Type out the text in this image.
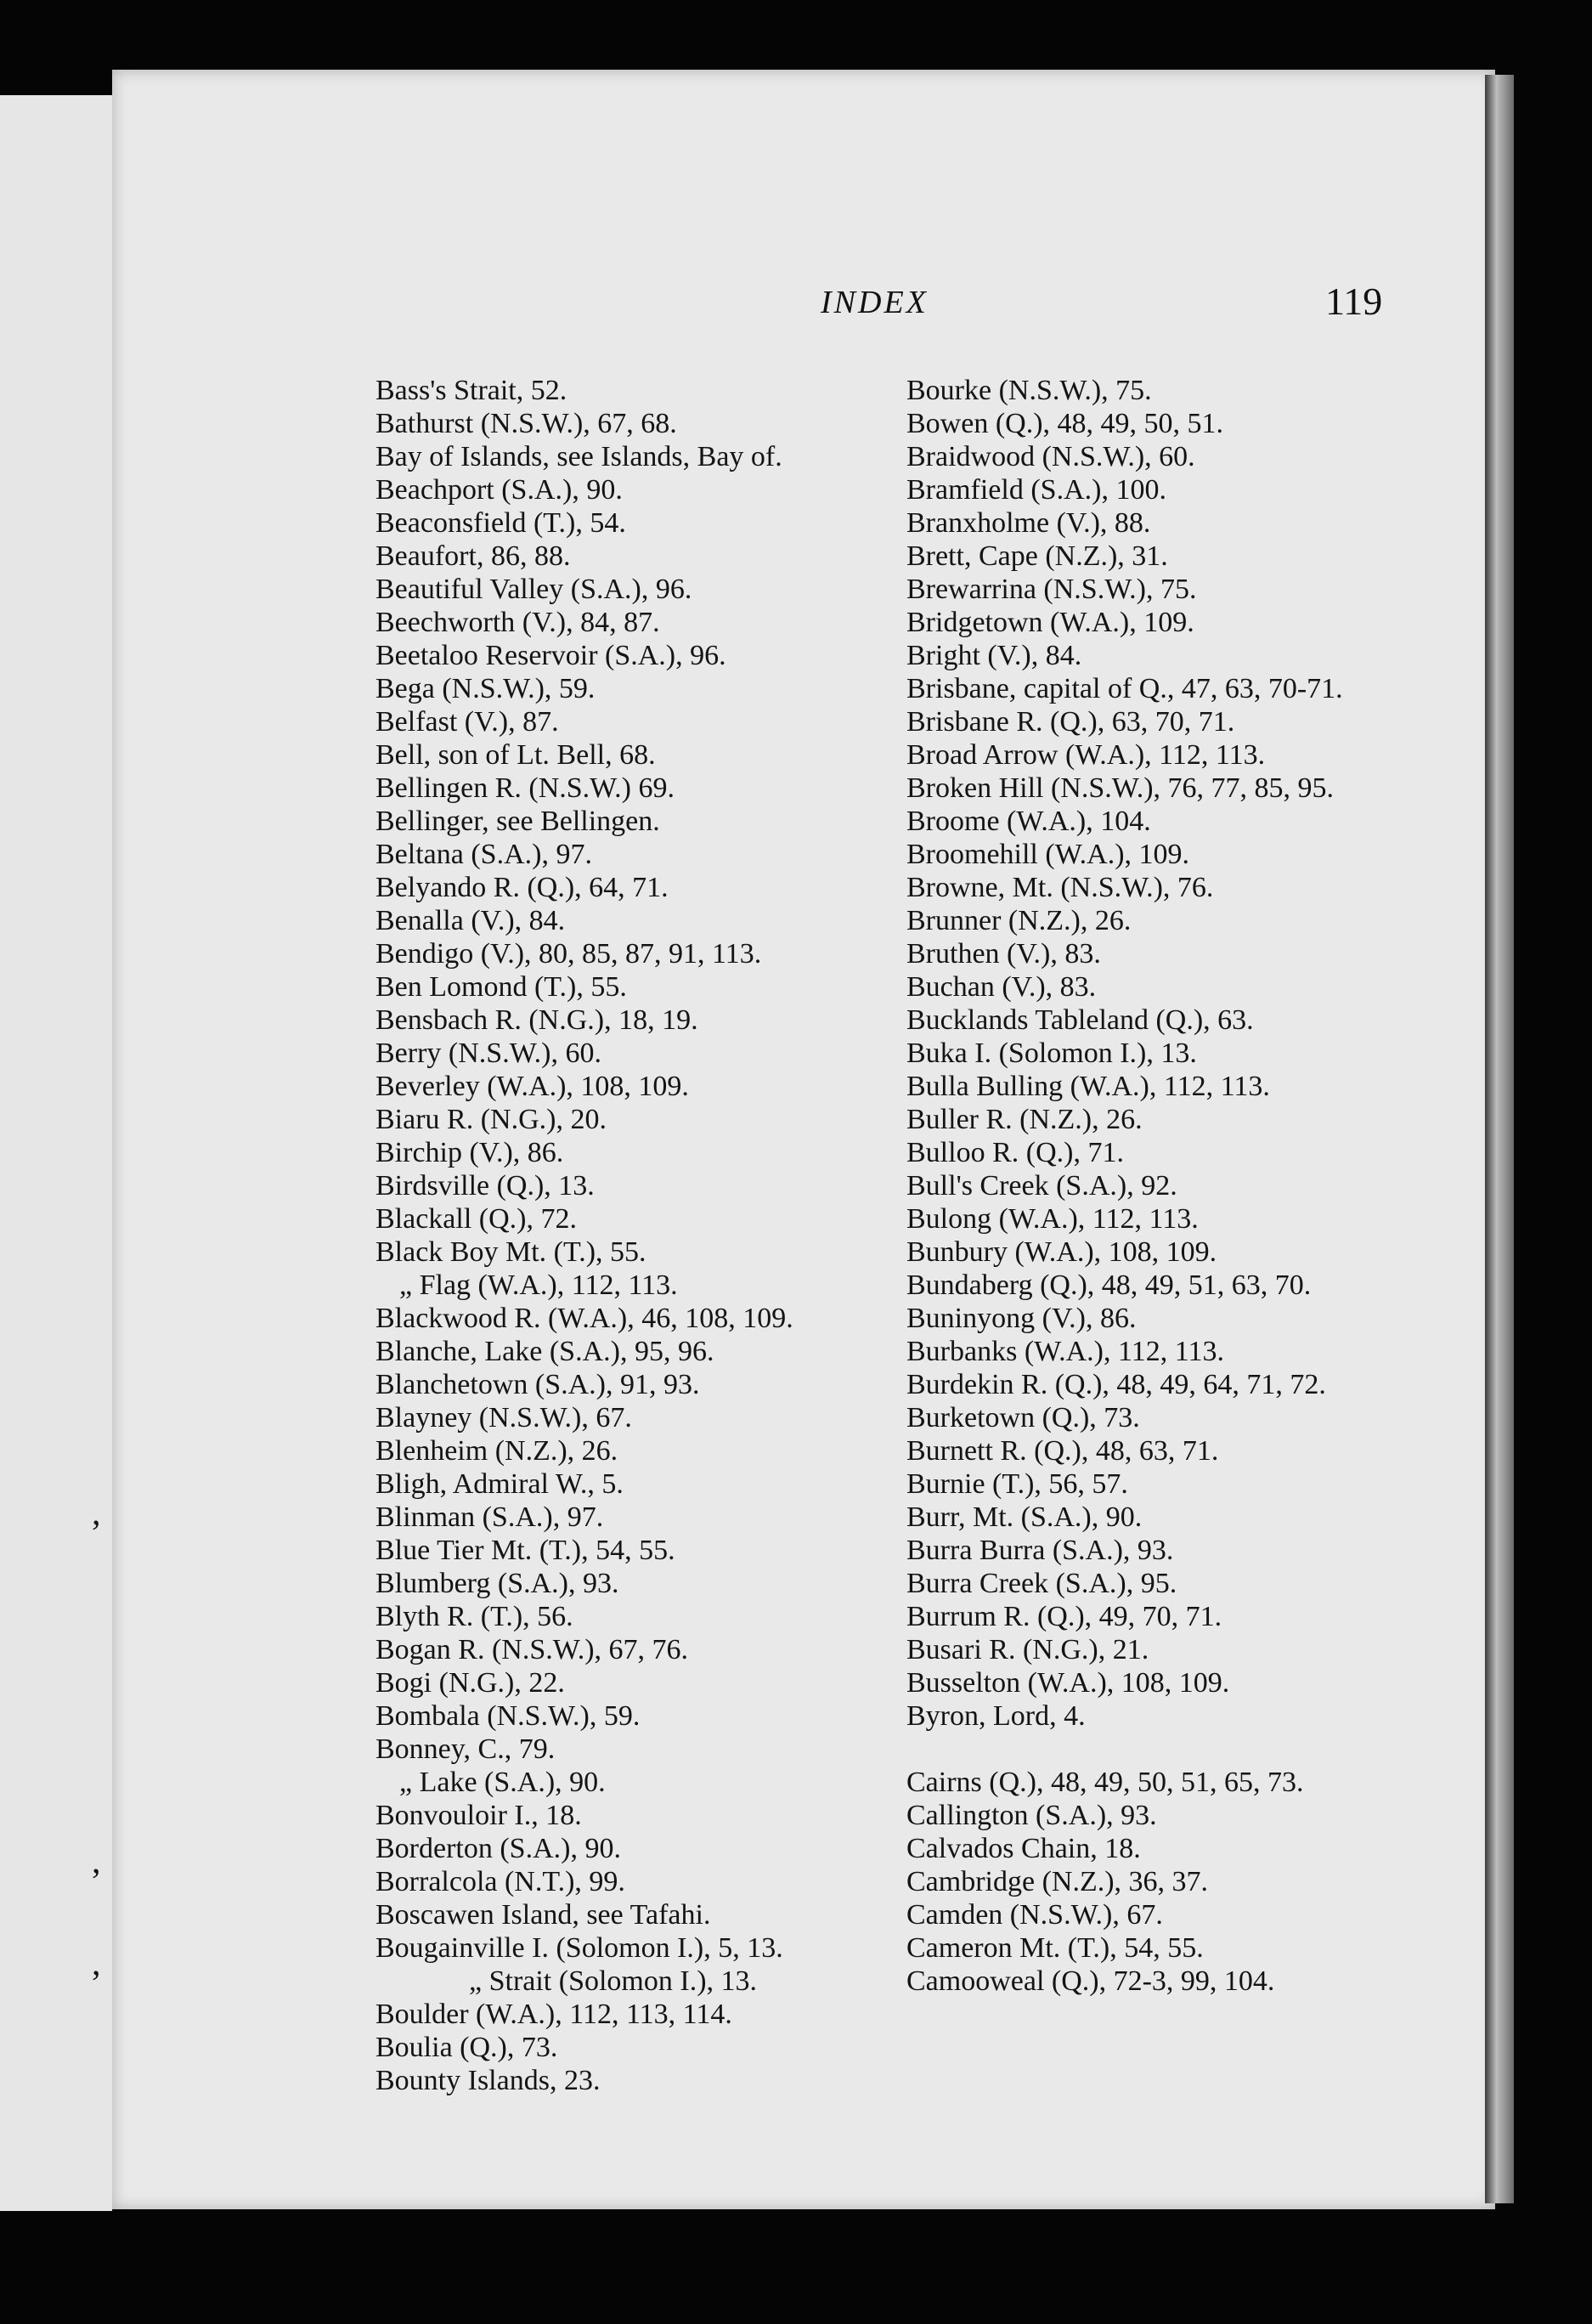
,
,
,
INDEX	119
Bass's Strait, 52.
Bathurst (N.S.W.), 67, 68.
Bay of Islands, see Islands, Bay of.
Beachport (S.A.), 90.
Beaconsfield (T.), 54.
Beaufort, 86, 88.
Beautiful Valley (S.A.), 96.
Beechworth (V.), 84, 87.
Beetaloo Reservoir (S.A.), 96.
Bega (N.S.W.), 59.
Belfast (V.), 87.
Bell, son of Lt. Bell, 68.
Bellingen R. (N.S.W.) 69.
Bellinger, see Bellingen.
Beltana (S.A.), 97.
Belyando R. (Q.), 64, 71.
Benalla (V.), 84.
Bendigo (V.), 80, 85, 87, 91, 113.
Ben Lomond (T.), 55.
Bensbach R. (N.G.), 18, 19.
Berry (N.S.W.), 60.
Beverley (W.A.), 108, 109.
Biaru R. (N.G.), 20.
Birchip (V.), 86.
Birdsville (Q.), 13.
Blackall (Q.), 72.
Black Boy Mt. (T.), 55.
„ Flag (W.A.), 112, 113.
Blackwood R. (W.A.), 46, 108, 109.
Blanche, Lake (S.A.), 95, 96.
Blanchetown (S.A.), 91, 93.
Blayney (N.S.W.), 67.
Blenheim (N.Z.), 26.
Bligh, Admiral W., 5.
Blinman (S.A.), 97.
Blue Tier Mt. (T.), 54, 55.
Blumberg (S.A.), 93.
Blyth R. (T.), 56.
Bogan R. (N.S.W.), 67, 76.
Bogi (N.G.), 22.
Bombala (N.S.W.), 59.
Bonney, C., 79.
„ Lake (S.A.), 90.
Bonvouloir I., 18.
Borderton (S.A.), 90.
Borralcola (N.T.), 99.
Boscawen Island, see Tafahi.
Bougainville I. (Solomon I.), 5, 13.
„ Strait (Solomon I.), 13.
Boulder (W.A.), 112, 113, 114.
Boulia (Q.), 73.
Bounty Islands, 23.
Bourke (N.S.W.), 75.
Bowen (Q.), 48, 49, 50, 51.
Braidwood (N.S.W.), 60.
Bramfield (S.A.), 100.
Branxholme (V.), 88.
Brett, Cape (N.Z.), 31.
Brewarrina (N.S.W.), 75.
Bridgetown (W.A.), 109.
Bright (V.), 84.
Brisbane, capital of Q., 47, 63, 70-71.
Brisbane R. (Q.), 63, 70, 71.
Broad Arrow (W.A.), 112, 113.
Broken Hill (N.S.W.), 76, 77, 85, 95.
Broome (W.A.), 104.
Broomehill (W.A.), 109.
Browne, Mt. (N.S.W.), 76.
Brunner (N.Z.), 26.
Bruthen (V.), 83.
Buchan (V.), 83.
Bucklands Tableland (Q.), 63.
Buka I. (Solomon I.), 13.
Bulla Bulling (W.A.), 112, 113.
Buller R. (N.Z.), 26.
Bulloo R. (Q.), 71.
Bull's Creek (S.A.), 92.
Bulong (W.A.), 112, 113.
Bunbury (W.A.), 108, 109.
Bundaberg (Q.), 48, 49, 51, 63, 70.
Buninyong (V.), 86.
Burbanks (W.A.), 112, 113.
Burdekin R. (Q.), 48, 49, 64, 71, 72.
Burketown (Q.), 73.
Burnett R. (Q.), 48, 63, 71.
Burnie (T.), 56, 57.
Burr, Mt. (S.A.), 90.
Burra Burra (S.A.), 93.
Burra Creek (S.A.), 95.
Burrum R. (Q.), 49, 70, 71.
Busari R. (N.G.), 21.
Busselton (W.A.), 108, 109.
Byron, Lord, 4.
Cairns (Q.), 48, 49, 50, 51, 65, 73.
Callington (S.A.), 93.
Calvados Chain, 18.
Cambridge (N.Z.), 36, 37.
Camden (N.S.W.), 67.
Cameron Mt. (T.), 54, 55.
Camooweal (Q.), 72-3, 99, 104.
